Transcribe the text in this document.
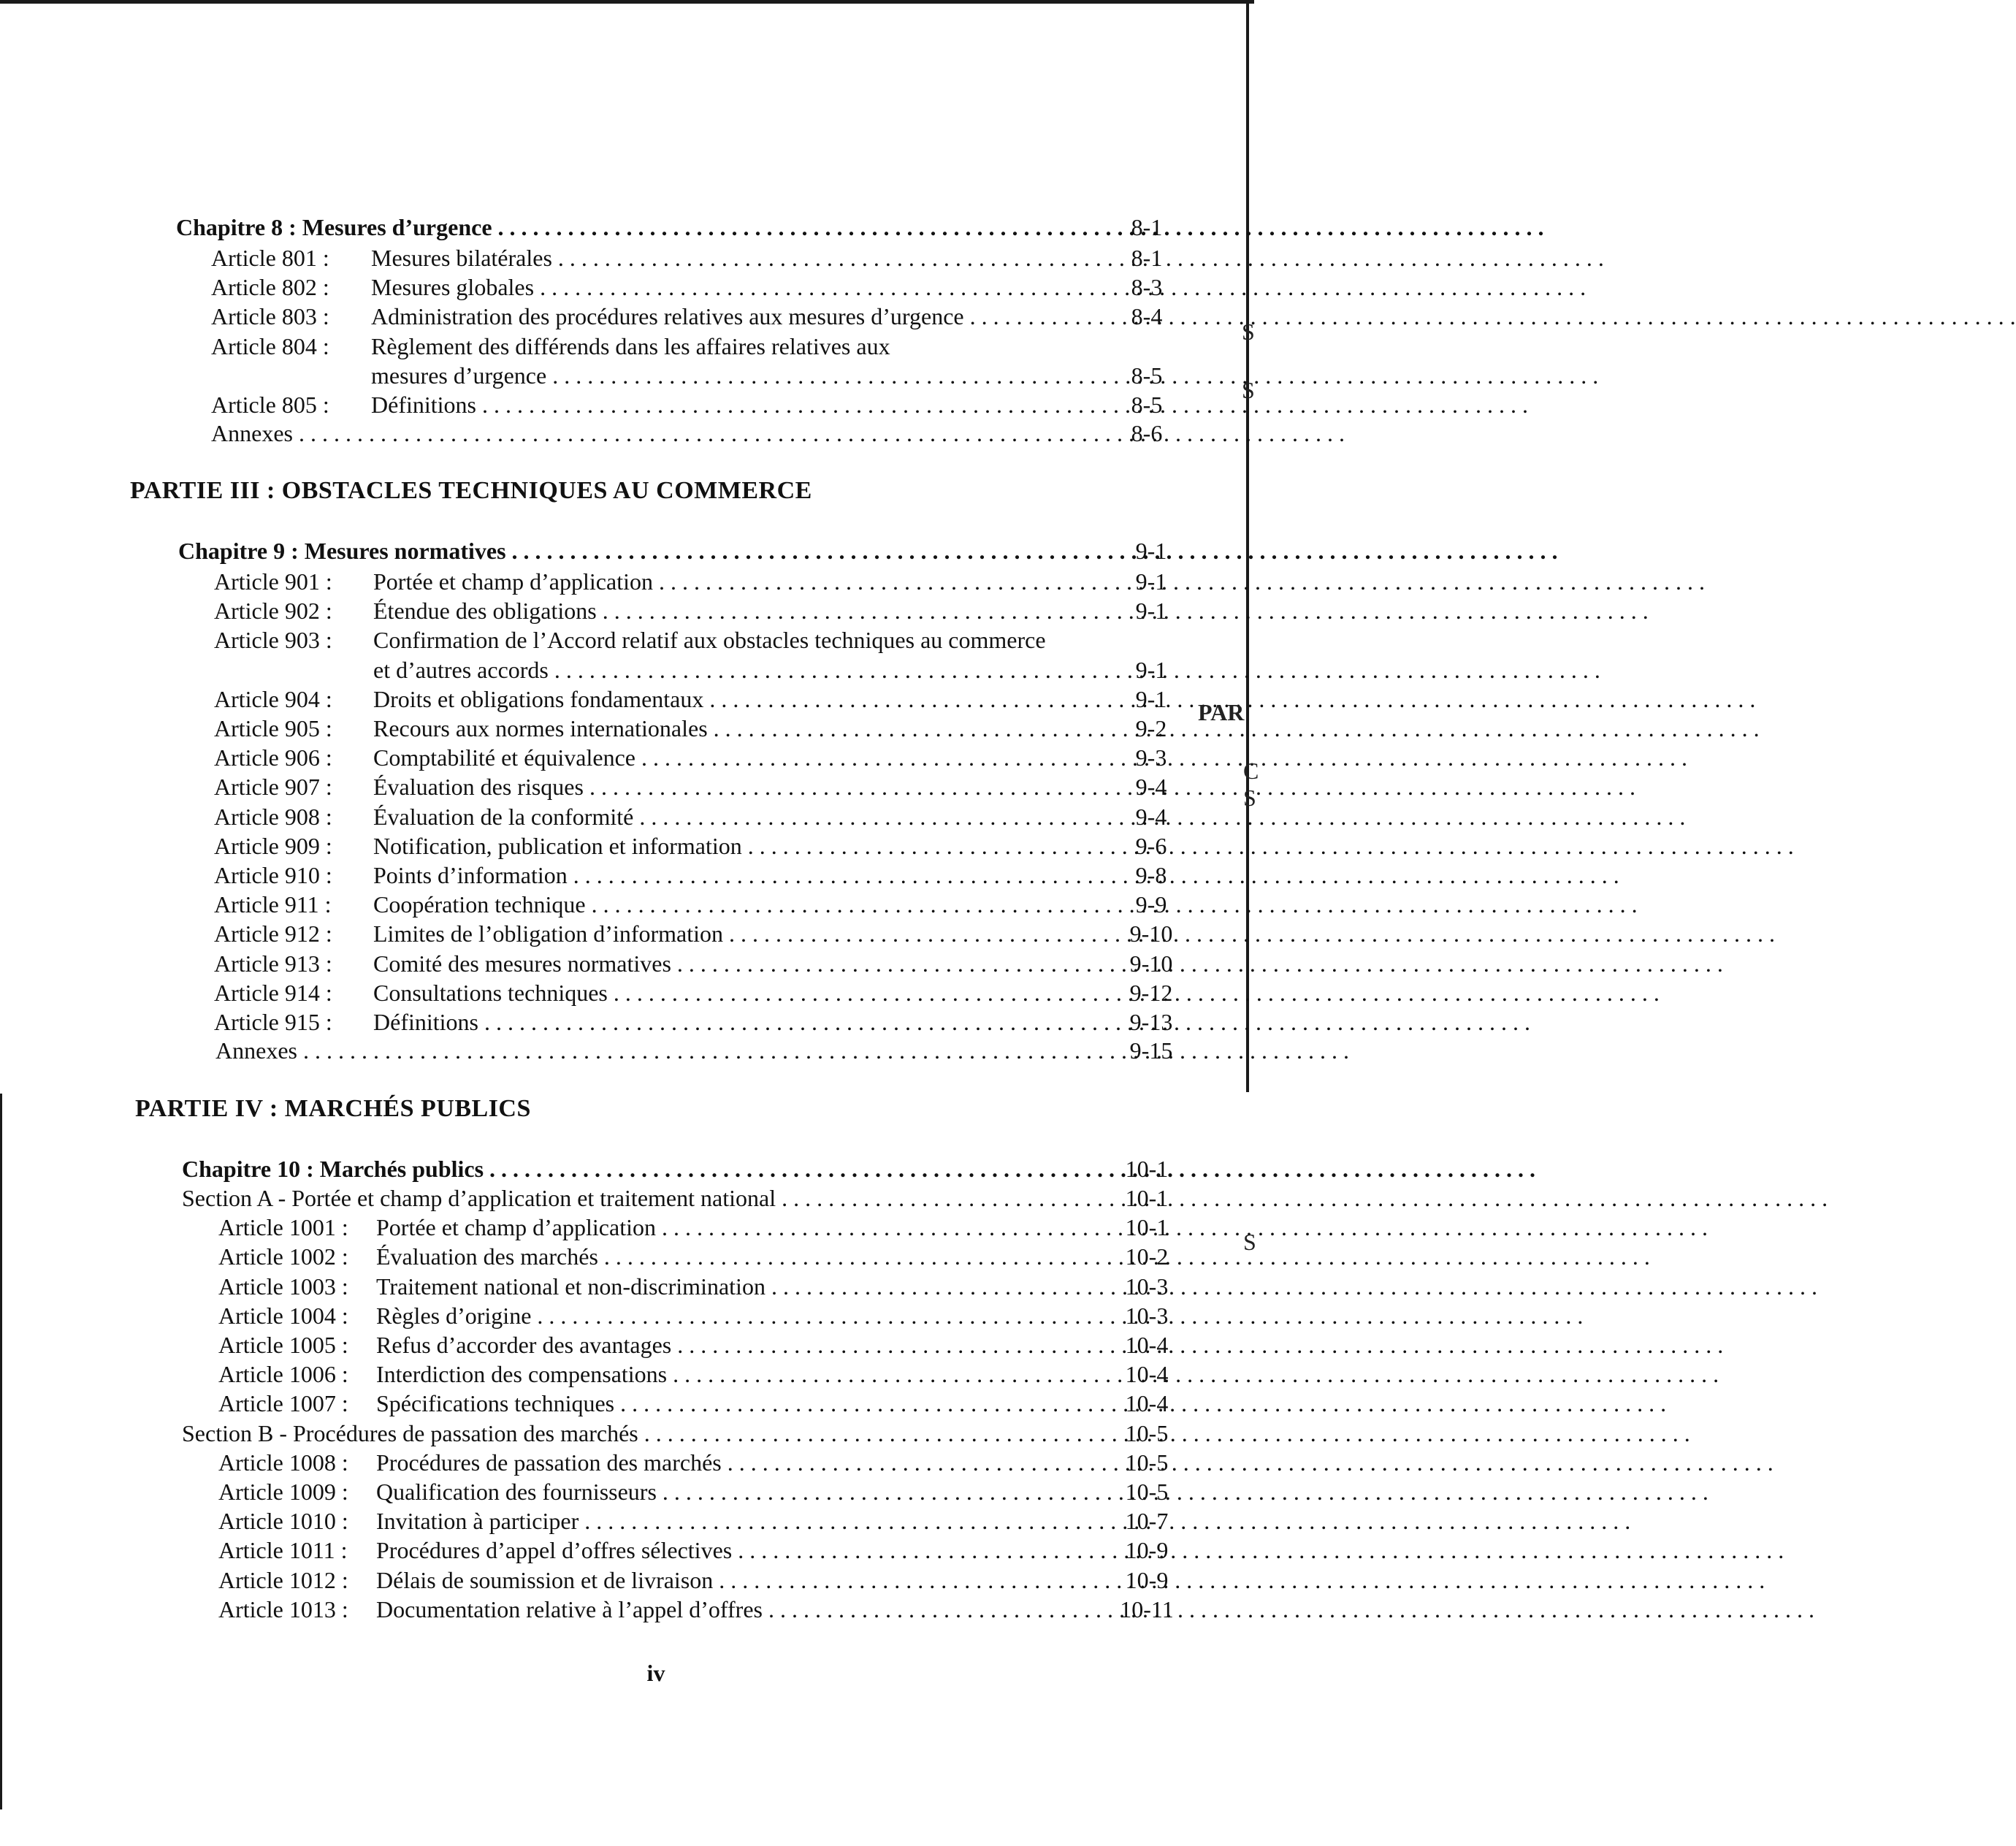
Chapitre 8 : Mesures d’urgence . . .	8-1
Article 801 : Mesures bilatérales . . .	8-1
Article 802 : Mesures globales . . .	8-3
Article 803 : Administration des procédures relatives aux mesures d’urgence . . .	8-4
Article 804 : Règlement des différends dans les affaires relatives aux
mesures d’urgence . . .	8-5
Article 805 : Définitions . . .	8-5
Annexes . . .	8-6
PARTIE III : OBSTACLES TECHNIQUES AU COMMERCE
Chapitre 9 : Mesures normatives . . .	9-1
Article 901 : Portée et champ d’application . . .	9-1
Article 902 : Étendue des obligations . . .	9-1
Article 903 : Confirmation de l’Accord relatif aux obstacles techniques au commerce
et d’autres accords . . .	9-1
Article 904 : Droits et obligations fondamentaux . . .	9-1
Article 905 : Recours aux normes internationales . . .	9-2
Article 906 : Comptabilité et équivalence . . .	9-3
Article 907 : Évaluation des risques . . .	9-4
Article 908 : Évaluation de la conformité . . .	9-4
Article 909 : Notification, publication et information . . .	9-6
Article 910 : Points d’information . . .	9-8
Article 911 : Coopération technique . . .	9-9
Article 912 : Limites de l’obligation d’information . . .	9-10
Article 913 : Comité des mesures normatives . . .	9-10
Article 914 : Consultations techniques . . .	9-12
Article 915 : Définitions . . .	9-13
Annexes . . .	9-15
PARTIE IV : MARCHÉS PUBLICS
Chapitre 10 : Marchés publics . . .	10-1
Section A - Portée et champ d’application et traitement national . . .	10-1
Article 1001 : Portée et champ d’application . . .	10-1
Article 1002 : Évaluation des marchés . . .	10-2
Article 1003 : Traitement national et non-discrimination . . .	10-3
Article 1004 : Règles d’origine . . .	10-3
Article 1005 : Refus d’accorder des avantages . . .	10-4
Article 1006 : Interdiction des compensations . . .	10-4
Article 1007 : Spécifications techniques . . .	10-4
Section B - Procédures de passation des marchés . . .	10-5
Article 1008 : Procédures de passation des marchés . . .	10-5
Article 1009 : Qualification des fournisseurs . . .	10-5
Article 1010 : Invitation à participer . . .	10-7
Article 1011 : Procédures d’appel d’offres sélectives . . .	10-9
Article 1012 : Délais de soumission et de livraison . . .	10-9
Article 1013 : Documentation relative à l’appel d’offres . . .	10-11
S
S
PAR
C
S
S
iv
